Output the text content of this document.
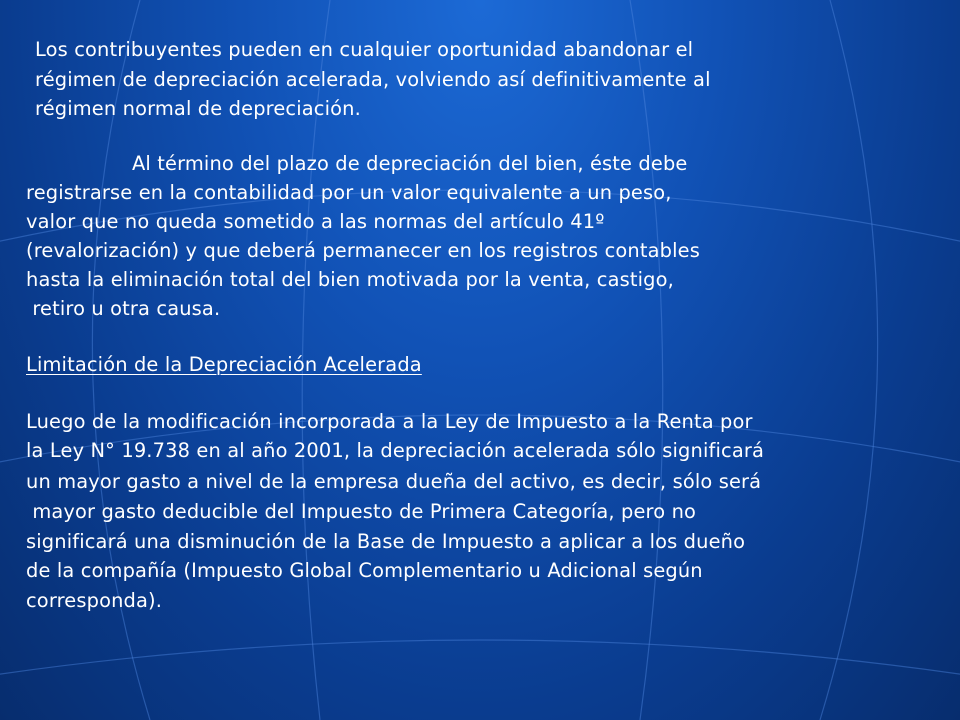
Los contribuyentes pueden en cualquier oportunidad abandonar el
régimen de depreciación acelerada, volviendo así definitivamente al
régimen normal de depreciación.
Al término del plazo de depreciación del bien, éste debe
registrarse en la contabilidad por un valor equivalente a un peso,
valor que no queda sometido a las normas del artículo 41º
(revalorización) y que deberá permanecer en los registros contables
hasta la eliminación total del bien motivada por la venta, castigo,
retiro u otra causa.
Limitación de la Depreciación Acelerada
Luego de la modificación incorporada a la Ley de Impuesto a la Renta por
la Ley N° 19.738 en al año 2001, la depreciación acelerada sólo significará
un mayor gasto a nivel de la empresa dueña del activo, es decir, sólo será
mayor gasto deducible del Impuesto de Primera Categoría, pero no
significará una disminución de la Base de Impuesto a aplicar a los dueño
de la compañía (Impuesto Global Complementario u Adicional según
corresponda).
